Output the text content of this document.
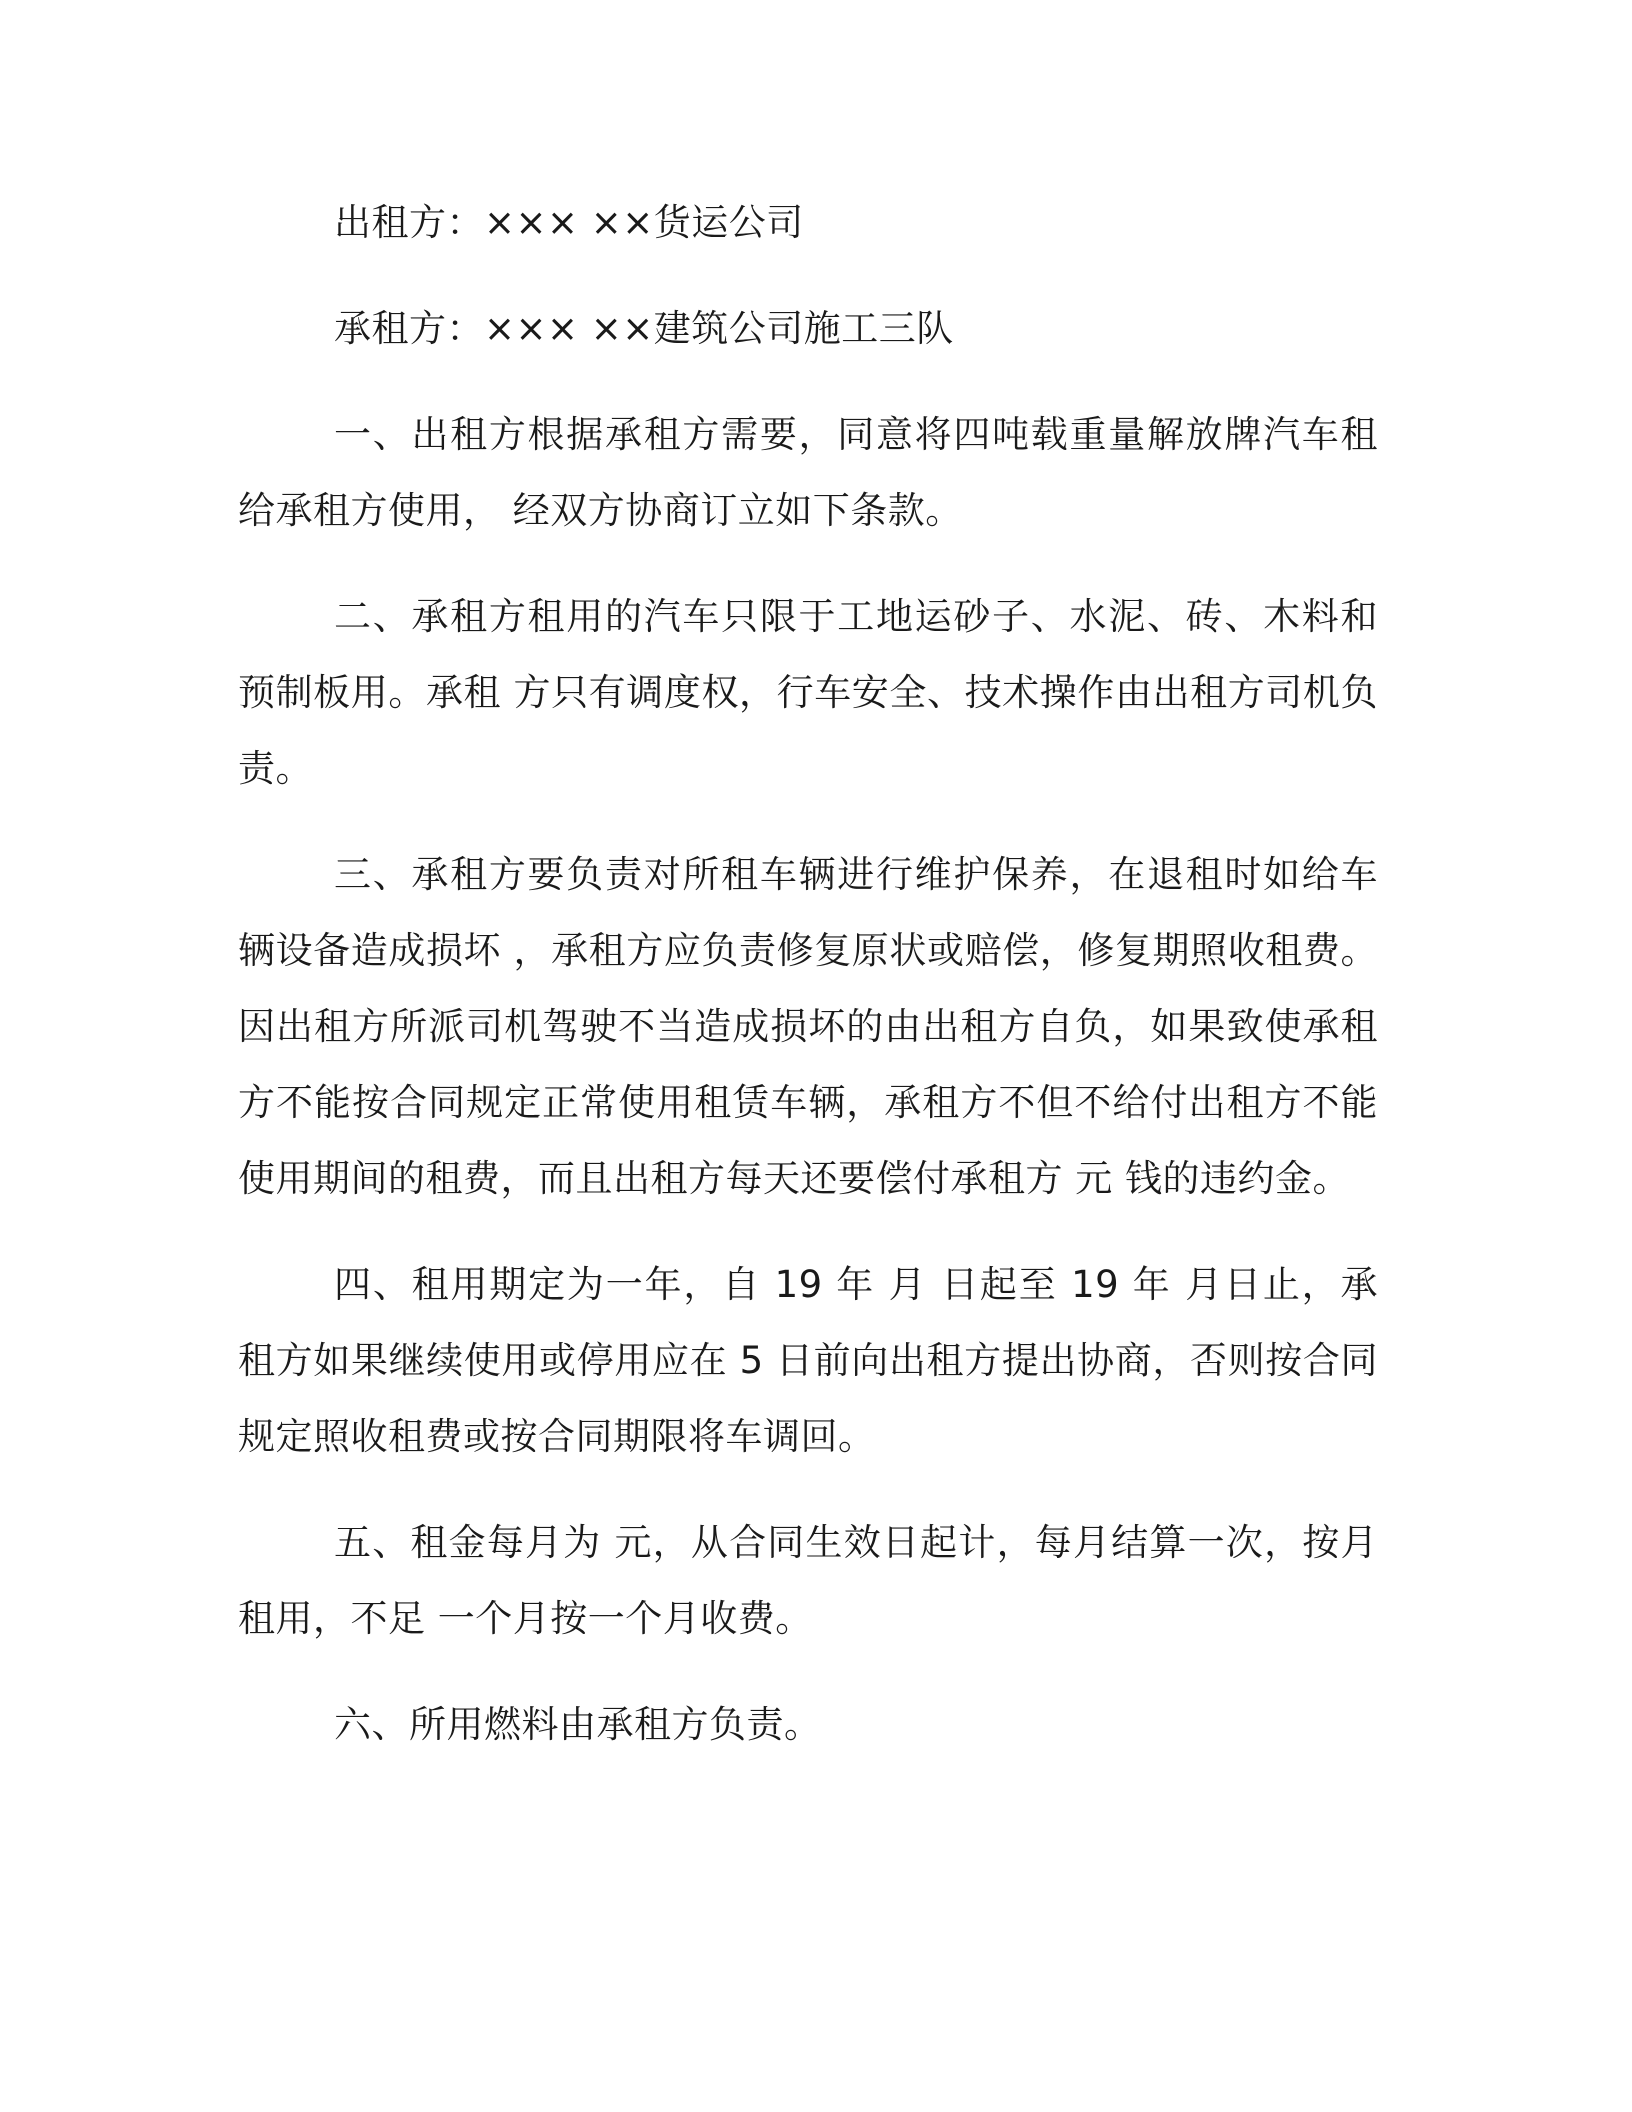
出租方：××× ××货运公司

承租方：××× ××建筑公司施工三队

一、出租方根据承租方需要，同意将四吨载重量解放牌汽车租给承租方使用， 经双方协商订立如下条款。

二、承租方租用的汽车只限于工地运砂子、水泥、砖、木料和预制板用。承租 方只有调度权，行车安全、技术操作由出租方司机负责。

三、承租方要负责对所租车辆进行维护保养，在退租时如给车辆设备造成损坏 ，承租方应负责修复原状或赔偿，修复期照收租费。因出租方所派司机驾驶不当造成损坏的由出租方自负，如果致使承租方不能按合同规定正常使用租赁车辆，承租方不但不给付出租方不能使用期间的租费，而且出租方每天还要偿付承租方 元 钱的违约金。

四、租用期定为一年，自 19 年 月 日起至 19 年 月日止，承租方如果继续使用或停用应在 5 日前向出租方提出协商，否则按合同规定照收租费或按合同期限将车调回。

五、租金每月为 元，从合同生效日起计，每月结算一次，按月租用，不足 一个月按一个月收费。

六、所用燃料由承租方负责。
